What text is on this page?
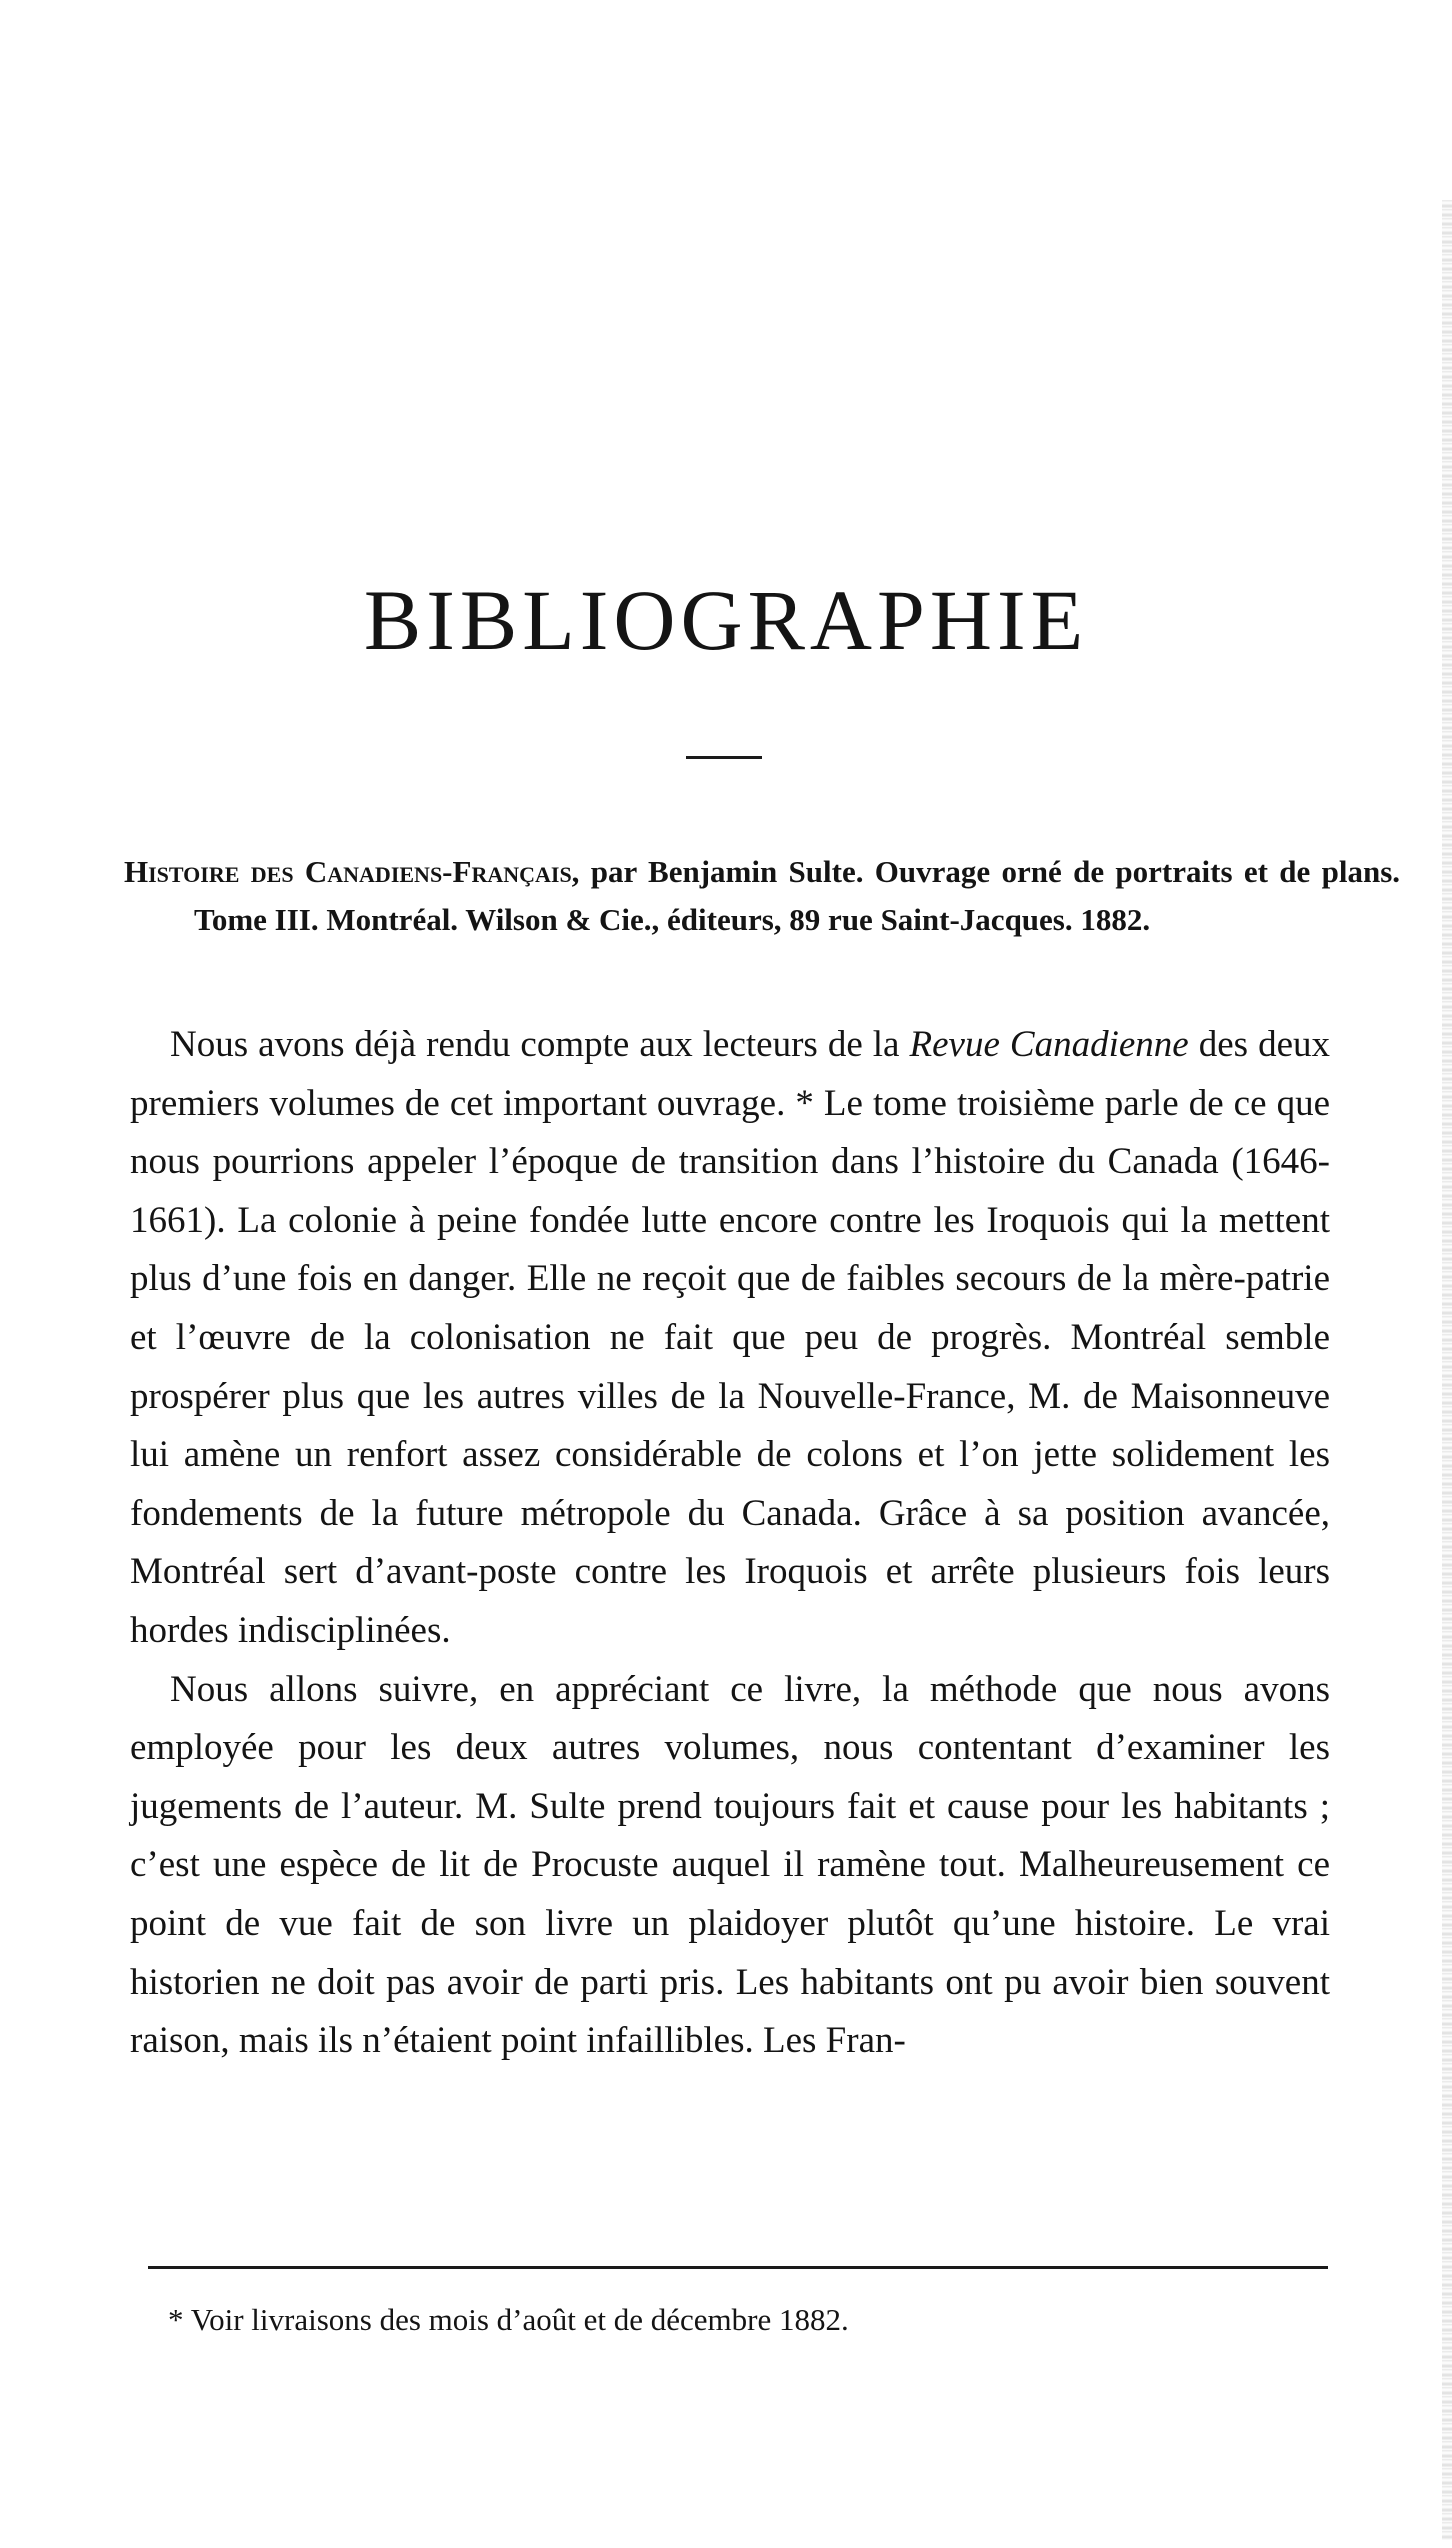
BIBLIOGRAPHIE
Histoire des Canadiens-Français, par Benjamin Sulte. Ouvrage orné de portraits et de plans. Tome III. Montréal. Wilson & Cie., éditeurs, 89 rue Saint-Jacques. 1882.

Nous avons déjà rendu compte aux lecteurs de la Revue Canadienne des deux premiers volumes de cet important ouvrage. * Le tome troisième parle de ce que nous pourrions appeler l’époque de transition dans l’histoire du Canada (1646-1661). La colonie à peine fondée lutte encore contre les Iroquois qui la mettent plus d’une fois en danger. Elle ne reçoit que de faibles secours de la mère-patrie et l’œuvre de la colonisation ne fait que peu de progrès. Montréal semble prospérer plus que les autres villes de la Nouvelle-France, M. de Maisonneuve lui amène un renfort assez considérable de colons et l’on jette solidement les fondements de la future métropole du Canada. Grâce à sa position avancée, Montréal sert d’avant-poste contre les Iroquois et arrête plusieurs fois leurs hordes indisciplinées.

Nous allons suivre, en appréciant ce livre, la méthode que nous avons employée pour les deux autres volumes, nous contentant d’examiner les jugements de l’auteur. M. Sulte prend toujours fait et cause pour les habitants ; c’est une espèce de lit de Procuste auquel il ramène tout. Malheureusement ce point de vue fait de son livre un plaidoyer plutôt qu’une histoire. Le vrai historien ne doit pas avoir de parti pris. Les habitants ont pu avoir bien souvent raison, mais ils n’étaient point infaillibles. Les Fran-

* Voir livraisons des mois d’août et de décembre 1882.
